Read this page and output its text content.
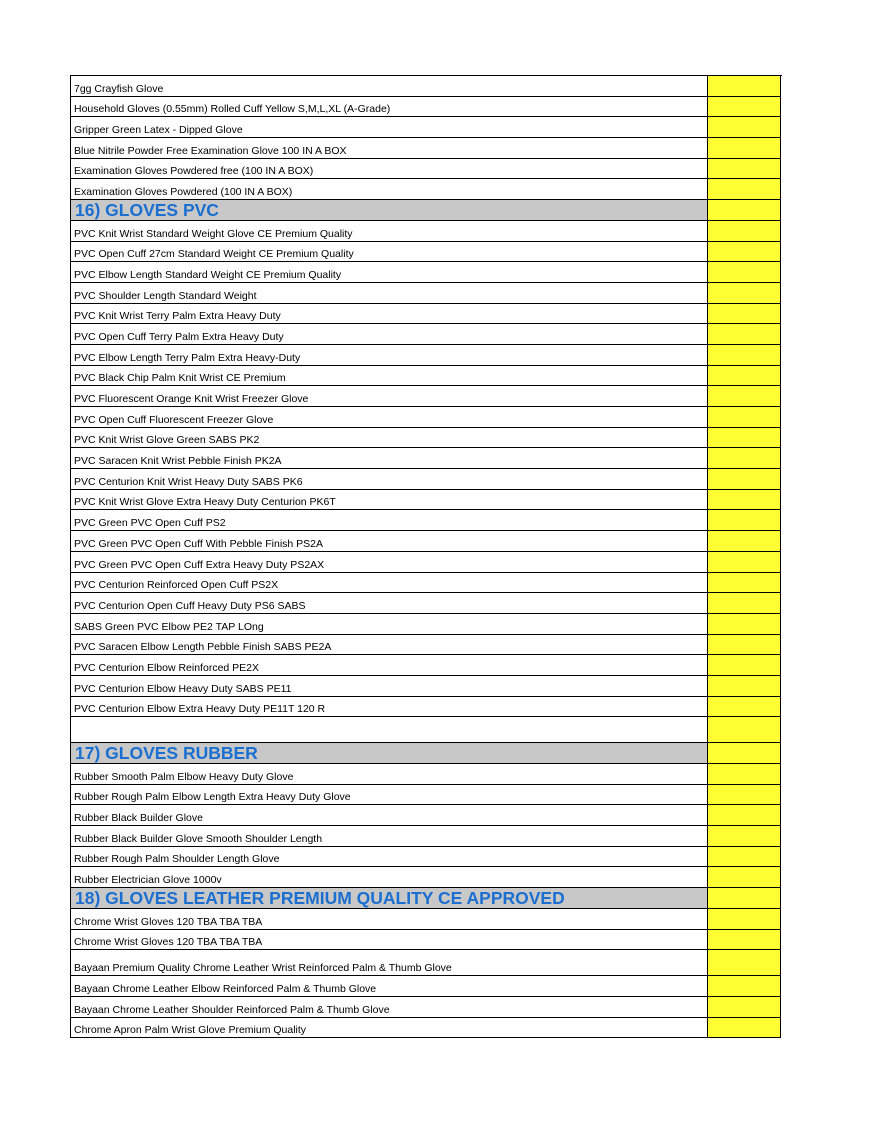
7gg Crayfish Glove
Household Gloves (0.55mm) Rolled Cuff Yellow S,M,L,XL (A-Grade)
Gripper Green Latex - Dipped Glove
Blue Nitrile Powder Free Examination Glove 100 IN A BOX
Examination Gloves Powdered free (100 IN A BOX)
Examination Gloves Powdered (100 IN A BOX)
16) GLOVES PVC
PVC Knit Wrist Standard Weight Glove CE Premium Quality
PVC Open Cuff 27cm Standard Weight CE Premium Quality
PVC Elbow Length Standard Weight CE Premium Quality
PVC Shoulder Length Standard Weight
PVC Knit Wrist Terry Palm Extra Heavy Duty
PVC Open Cuff Terry Palm Extra Heavy Duty
PVC Elbow Length Terry Palm Extra Heavy-Duty
PVC Black Chip Palm Knit Wrist CE Premium
PVC Fluorescent Orange Knit Wrist Freezer Glove
PVC Open Cuff Fluorescent Freezer Glove
PVC Knit Wrist Glove Green SABS PK2
PVC Saracen Knit Wrist Pebble Finish PK2A
PVC Centurion Knit Wrist Heavy Duty SABS PK6
PVC Knit Wrist Glove Extra Heavy Duty Centurion PK6T
PVC Green PVC Open Cuff PS2
PVC Green PVC Open Cuff With Pebble Finish PS2A
PVC Green PVC Open Cuff Extra Heavy Duty PS2AX
PVC Centurion Reinforced Open Cuff PS2X
PVC Centurion Open Cuff Heavy Duty PS6 SABS
SABS Green PVC Elbow PE2 TAP LOng
PVC Saracen Elbow Length Pebble Finish SABS PE2A
PVC Centurion Elbow Reinforced PE2X
PVC Centurion Elbow Heavy Duty SABS PE11
PVC Centurion Elbow Extra Heavy Duty PE11T 120 R
17) GLOVES RUBBER
Rubber Smooth Palm Elbow Heavy Duty Glove
Rubber Rough Palm Elbow Length Extra Heavy Duty Glove
Rubber Black Builder Glove
Rubber Black Builder Glove Smooth Shoulder Length
Rubber Rough Palm Shoulder Length Glove
Rubber Electrician Glove 1000v
18) GLOVES LEATHER PREMIUM QUALITY CE APPROVED
Chrome Wrist Gloves 120 TBA TBA TBA
Chrome Wrist Gloves 120 TBA TBA TBA
Bayaan Premium Quality Chrome Leather Wrist Reinforced Palm & Thumb Glove
Bayaan Chrome Leather Elbow Reinforced Palm & Thumb Glove
Bayaan Chrome Leather Shoulder Reinforced Palm & Thumb Glove
Chrome Apron Palm Wrist Glove Premium Quality
